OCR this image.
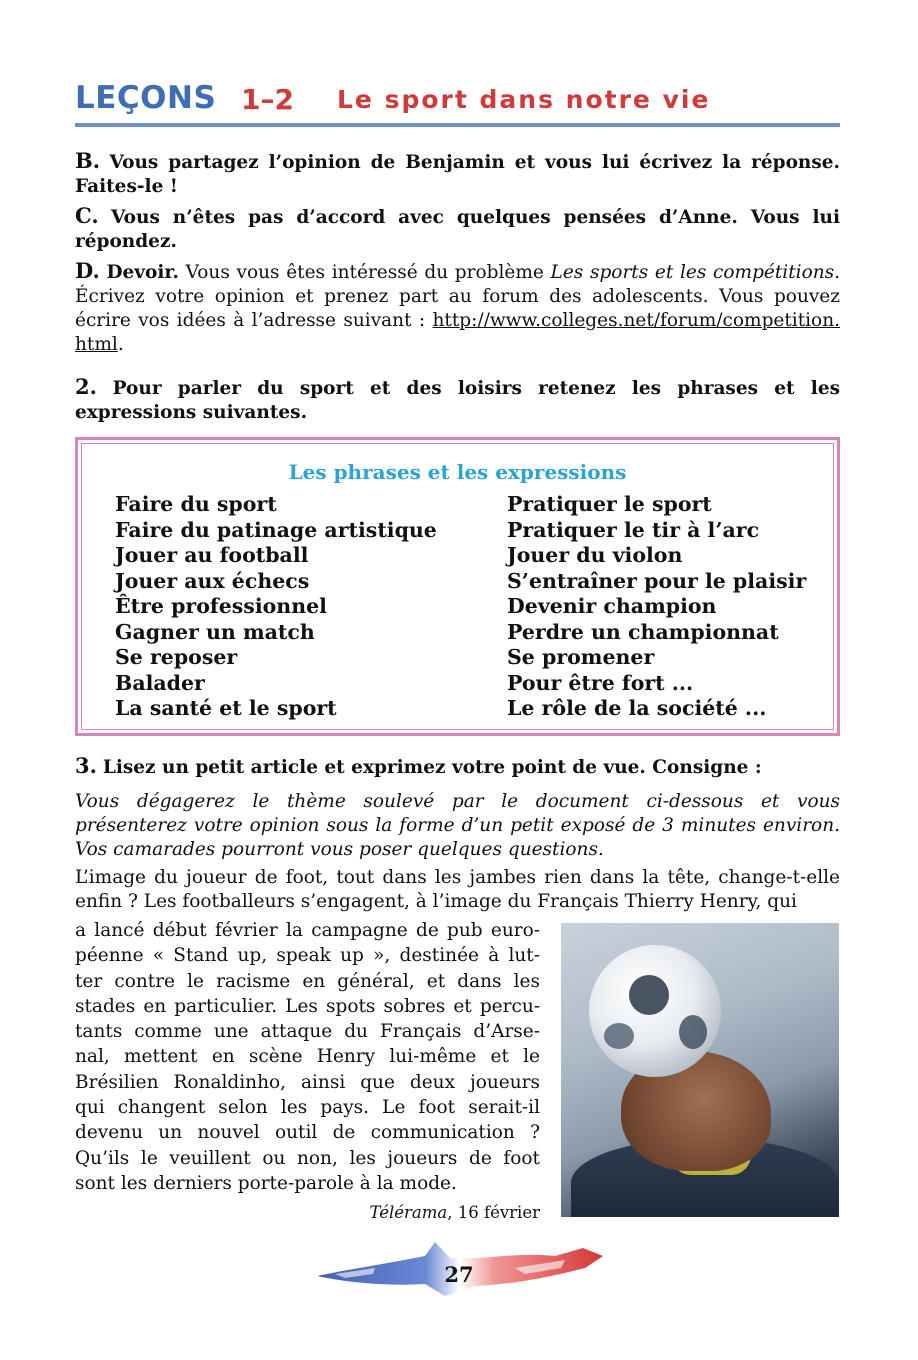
LEÇONS 1–2 Le sport dans notre vie
B. Vous partagez l’opinion de Benjamin et vous lui écrivez la réponse. Faites-le !
C. Vous n’êtes pas d’accord avec quelques pensées d’Anne. Vous lui répondez.
D. Devoir. Vous vous êtes intéressé du problème Les sports et les compétitions. Écrivez votre opinion et prenez part au forum des adolescents. Vous pouvez écrire vos idées à l’adresse suivant : http://www.colleges.net/forum/competition.html.
2. Pour parler du sport et des loisirs retenez les phrases et les expressions suivantes.
Les phrases et les expressions
Faire du sport
Faire du patinage artistique
Jouer au football
Jouer aux échecs
Être professionnel
Gagner un match
Se reposer
Balader
La santé et le sport
Pratiquer le sport
Pratiquer le tir à l’arc
Jouer du violon
S’entraîner pour le plaisir
Devenir champion
Perdre un championnat
Se promener
Pour être fort ...
Le rôle de la société ...
3. Lisez un petit article et exprimez votre point de vue. Consigne :
Vous dégagerez le thème soulevé par le document ci-dessous et vous présenterez votre opinion sous la forme d’un petit exposé de 3 minutes environ. Vos camarades pourront vous poser quelques questions.
L’image du joueur de foot, tout dans les jambes rien dans la tête, change-t-elle enfin ? Les footballeurs s’engagent, à l’image du Français Thierry Henry, qui
a lancé début février la campagne de pub euro-
péenne « Stand up, speak up », destinée à lut-
ter contre le racisme en général, et dans les
stades en particulier. Les spots sobres et percu-
tants comme une attaque du Français d’Arse-
nal, mettent en scène Henry lui-même et le
Brésilien Ronaldinho, ainsi que deux joueurs
qui changent selon les pays. Le foot serait-il
devenu un nouvel outil de communication ?
Qu’ils le veuillent ou non, les joueurs de foot
sont les derniers porte-parole à la mode.
Télérama, 16 février
27
